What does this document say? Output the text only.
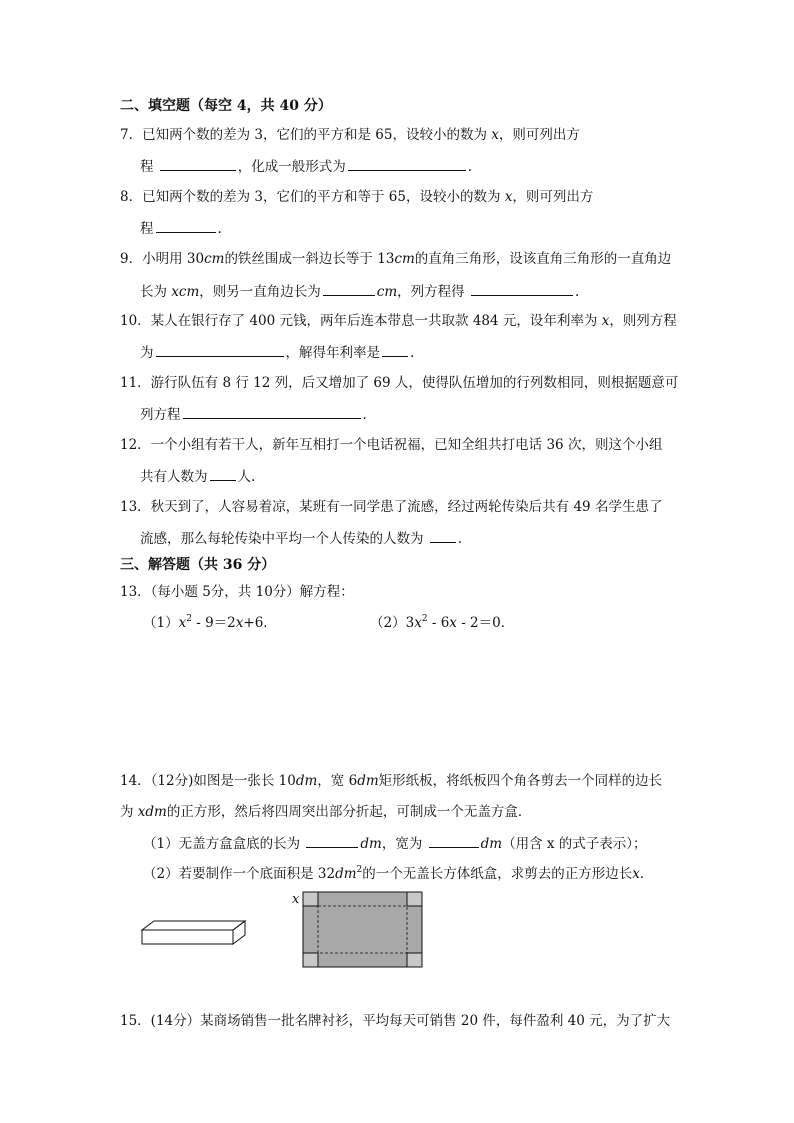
二、填空题（每空 4，共 40 分）
7．已知两个数的差为 3，它们的平方和是 65，设较小的数为 x，则可列出方
程	，化成一般形式为	.
8．已知两个数的差为 3，它们的平方和等于 65，设较小的数为 x，则可列出方
程	.
9．小明用 30cm的铁丝围成一斜边长等于 13cm的直角三角形，设该直角三角形的一直角边
长为 xcm，则另一直角边长为	cm，列方程得	.
10．某人在银行存了 400 元钱，两年后连本带息一共取款 484 元，设年利率为 x，则列方程
为	，解得年利率是 .
11．游行队伍有 8 行 12 列，后又增加了 69 人，使得队伍增加的行列数相同，则根据题意可
列方程	.
12．一个小组有若干人，新年互相打一个电话祝福，已知全组共打电话 36 次，则这个小组
共有人数为 人.
13．秋天到了，人容易着凉，某班有一同学患了流感，经过两轮传染后共有 49 名学生患了
流感，那么每轮传染中平均一个人传染的人数为	.
三、解答题（共 36 分）
13．（每小题 5分，共 10分）解方程：
$(1)x^2 - 9=2x+6$．	$(2)3x^2 - 6x - 2=0$．
14．（12分)如图是一张长 10dm，宽 6dm矩形纸板，将纸板四个角各剪去一个同样的边长
为 xdm的正方形，然后将四周突出部分折起，可制成一个无盖方盒．
（1）无盖方盒盒底的长为	dm，宽为	dm（用含 x 的式子表示）；
（2）若要制作一个底面积是 $32dm^2$的一个无盖长方体纸盒，求剪去的正方形边长x．
x
15．(14分）某商场销售一批名牌衬衫，平均每天可销售 20 件，每件盈利 40 元，为了扩大
